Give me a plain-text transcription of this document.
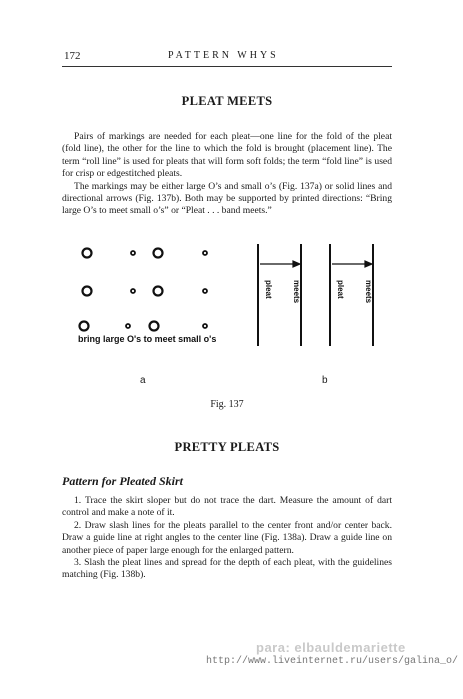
172	PATTERN WHYS
PLEAT MEETS

Pairs of markings are needed for each pleat—one line for the fold of the pleat (fold line), the other for the line to which the fold is brought (placement line). The term “roll line” is used for pleats that will form soft folds; the term “fold line” is used for crisp or edgestitched pleats.

The markings may be either large O’s and small o’s (Fig. 137a) or solid lines and directional arrows (Fig. 137b). Both may be supported by printed directions: “Bring large O’s to meet small o’s” or “Pleat . . . band meets.”

bring large O's to meet small o's
pleat meets	pleat meets
a	b
Fig. 137
PRETTY PLEATS
Pattern for Pleated Skirt

1. Trace the skirt sloper but do not trace the dart. Measure the amount of dart control and make a note of it.

2. Draw slash lines for the pleats parallel to the center front and/or center back. Draw a guide line at right angles to the center line (Fig. 138a). Draw a guide line on another piece of paper large enough for the enlarged pattern.

3. Slash the pleat lines and spread for the depth of each pleat, with the guidelines matching (Fig. 138b).

para: elbauldemariette
http://www.liveinternet.ru/users/galina_o/
